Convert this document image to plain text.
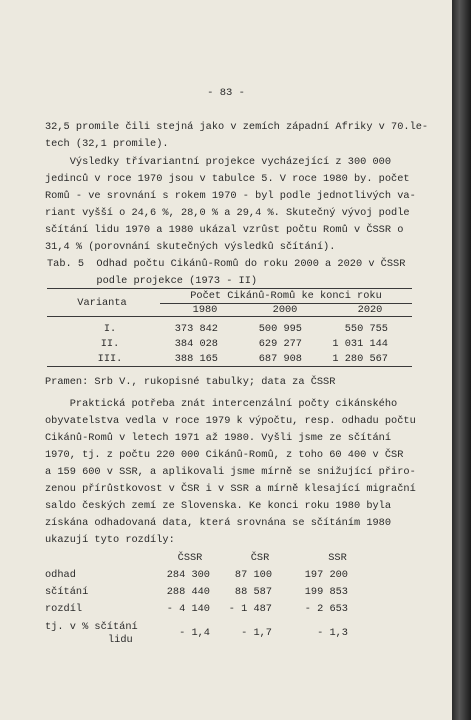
- 83 -
32,5 promile čili stejná jako v zemích západní Afriky v 70.le-
tech (32,1 promile).
Výsledky třívariantní projekce vycházející z 300 000
jedinců v roce 1970 jsou v tabulce 5. V roce 1980 by. počet
Romů - ve srovnání s rokem 1970 - byl podle jednotlivých va-
riant vyšší o 24,6 %, 28,0 % a 29,4 %. Skutečný vývoj podle
sčítání lidu 1970 a 1980 ukázal vzrůst počtu Romů v ČSSR o
31,4 % (porovnání skutečných výsledků sčítání).
Tab. 5  Odhad počtu Cikánů-Romů do roku 2000 a 2020 v ČSSR
podle projekce (1973 - II)
Počet Cikánů-Romů ke konci roku
Varianta
1980	2000	2020
I.	373 842	500 995	550 755
II.	384 028	629 277	1 031 144
III.	388 165	687 908	1 280 567
Pramen: Srb V., rukopisné tabulky; data za ČSSR
Praktická potřeba znát intercenzální počty cikánského
obyvatelstva vedla v roce 1979 k výpočtu, resp. odhadu počtu
Cikánů-Romů v letech 1971 až 1980. Vyšli jsme ze sčítání
1970, tj. z počtu 220 000 Cikánů-Romů, z toho 60 400 v ČSR
a 159 600 v SSR, a aplikovali jsme mírně se snižující přiro-
zenou přírůstkovost v ČSR i v SSR a mírně klesající migrační
saldo českých zemí ze Slovenska. Ke konci roku 1980 byla
získána odhadovaná data, která srovnána se sčítáním 1980
ukazují tyto rozdíly:
ČSSR	ČSR	SSR
odhad	284 300	87 100	197 200
sčítání	288 440	88 587	199 853
rozdíl	- 4 140	- 1 487	- 2 653
tj. v % sčítání
lidu
- 1,4	- 1,7	- 1,3
